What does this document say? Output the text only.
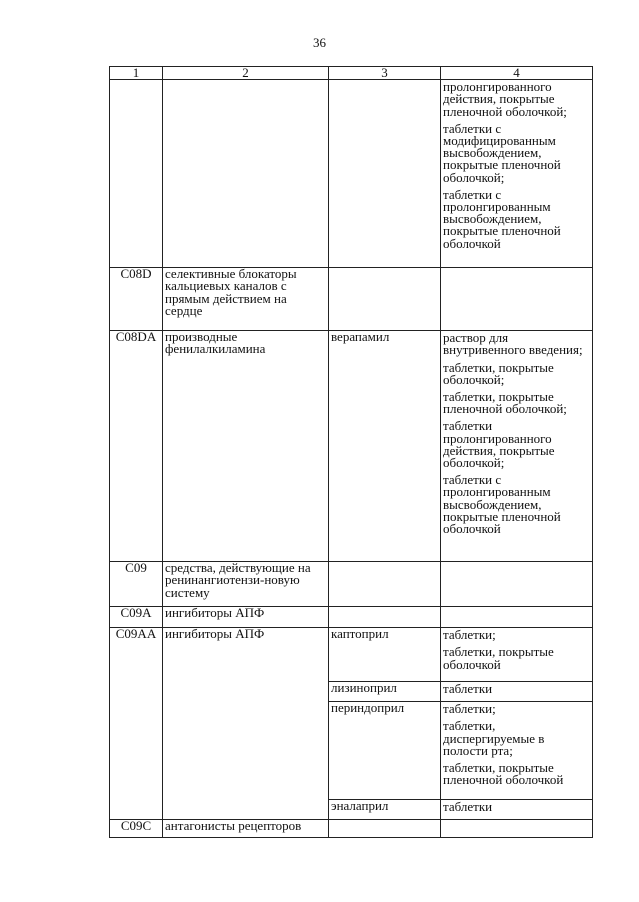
36
1	2	3	4

			пролонгированного действия, покрытые пленочной оболочкой;
таблетки с модифицированным высвобождением, покрытые пленочной оболочкой;
таблетки с пролонгированным высвобождением, покрытые пленочной оболочкой

C08D	селективные блокаторы кальциевых каналов с прямым действием на сердце		
C08DA	производные фенилалкиламина	верапамил	раствор для внутривенного введения;
таблетки, покрытые оболочкой;
таблетки, покрытые пленочной оболочкой;
таблетки пролонгированного действия, покрытые оболочкой;
таблетки с пролонгированным высвобождением, покрытые пленочной оболочкой

C09	средства, действующие на ренинангиотензи-новую систему		
C09A	ингибиторы АПФ		
C09AA	ингибиторы АПФ	каптоприл	таблетки;
таблетки, покрытые оболочкой

		лизиноприл	таблетки

		периндоприл	таблетки;
таблетки, диспергируемые в полости рта;
таблетки, покрытые пленочной оболочкой

		эналаприл	таблетки

C09C	антагонисты рецепторов		
